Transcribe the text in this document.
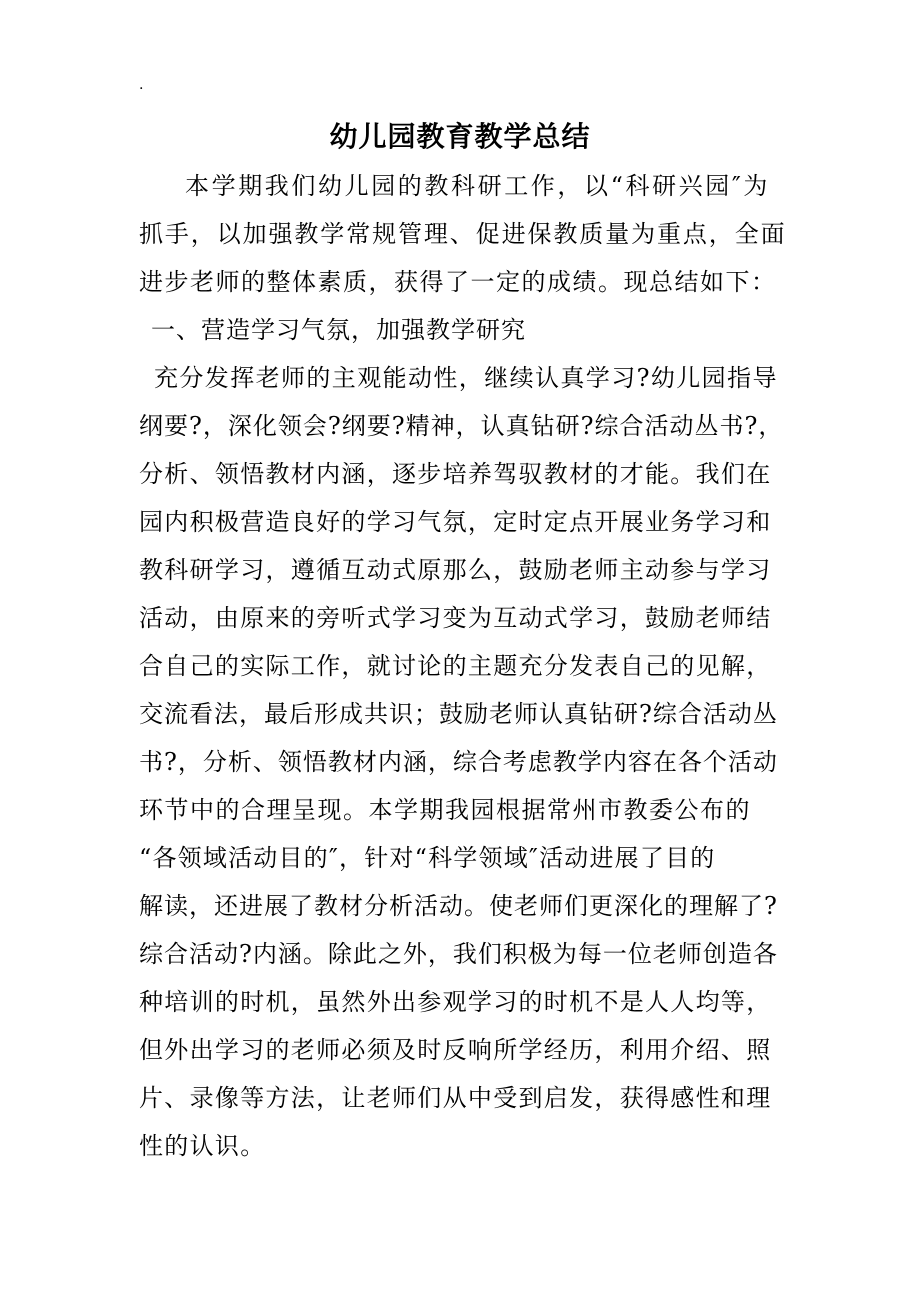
.
幼儿园教育教学总结
本学期我们幼儿园的教科研工作，以“科研兴园″为
抓手，以加强教学常规管理、促进保教质量为重点，全面
进步老师的整体素质，获得了一定的成绩。现总结如下：
一、营造学习气氛，加强教学研究
充分发挥老师的主观能动性，继续认真学习?幼儿园指导
纲要?，深化领会?纲要?精神，认真钻研?综合活动丛书?，
分析、领悟教材内涵，逐步培养驾驭教材的才能。我们在
园内积极营造良好的学习气氛，定时定点开展业务学习和
教科研学习，遵循互动式原那么，鼓励老师主动参与学习
活动，由原来的旁听式学习变为互动式学习，鼓励老师结
合自己的实际工作，就讨论的主题充分发表自己的见解，
交流看法，最后形成共识；鼓励老师认真钻研?综合活动丛
书?，分析、领悟教材内涵，综合考虑教学内容在各个活动
环节中的合理呈现。本学期我园根据常州市教委公布的
“各领域活动目的″，针对“科学领域″活动进展了目的
解读，还进展了教材分析活动。使老师们更深化的理解了?
综合活动?内涵。除此之外，我们积极为每一位老师创造各
种培训的时机，虽然外出参观学习的时机不是人人均等，
但外出学习的老师必须及时反响所学经历，利用介绍、照
片、录像等方法，让老师们从中受到启发，获得感性和理
性的认识。
